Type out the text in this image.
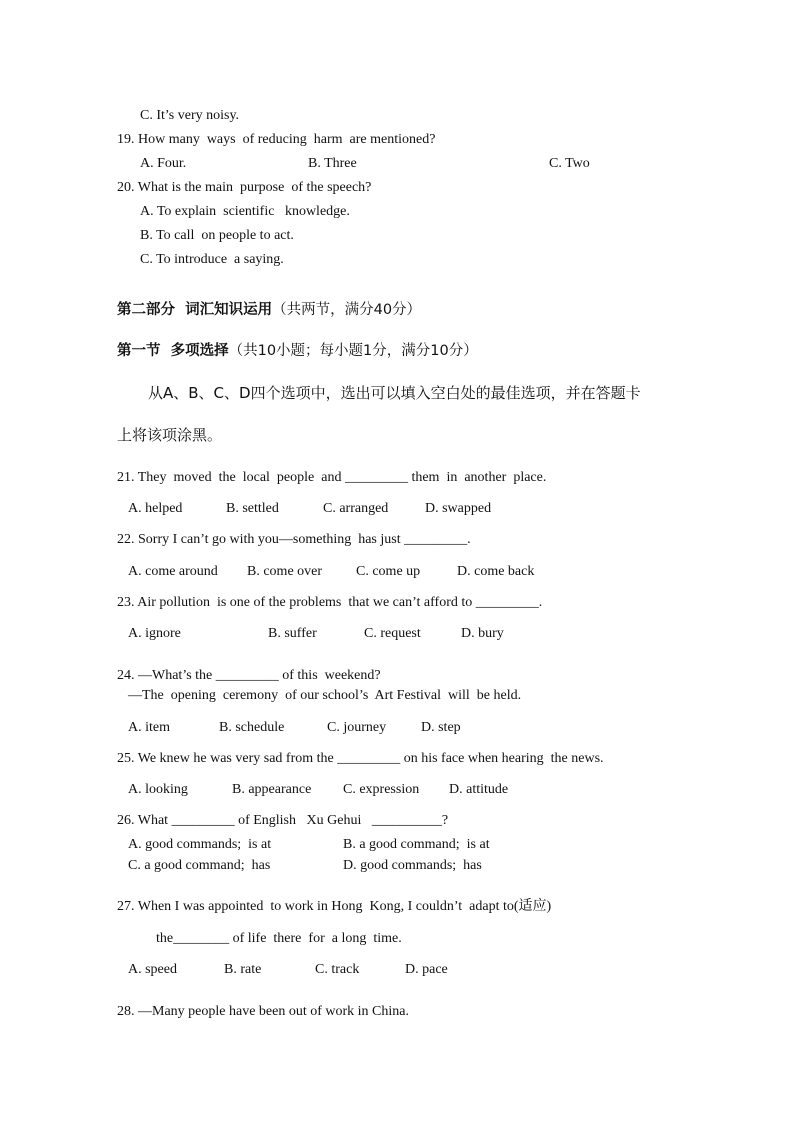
C. It’s very noisy.
19. How many  ways  of reducing  harm  are mentioned?
A. Four.	B. Three	C. Two
20. What is the main  purpose  of the speech?
A. To explain  scientific   knowledge.
B. To call  on people to act.
C. To introduce  a saying.
第二部分  词汇知识运用（共两节，满分40分）
第一节  多项选择（共10小题；每小题1分，满分10分）
从A、B、C、D四个选项中，选出可以填入空白处的最佳选项，并在答题卡
上将该项涂黑。
21. They  moved  the  local  people  and _________ them  in  another  place.
A. helped	B. settled	C. arranged	D. swapped
22. Sorry I can’t go with you—something  has just _________.
A. come around B. come over C. come up	D. come back
23. Air pollution  is one of the problems  that we can’t afford to _________.
A. ignore	B. suffer	C. request	D. bury
24. —What’s the _________ of this  weekend?
—The  opening  ceremony  of our school’s  Art Festival  will  be held.
A. item	B. schedule	C. journey D. step
25. We knew he was very sad from the _________ on his face when hearing  the news.
A. looking	B. appearance C. expression D. attitude
26. What _________ of English   Xu Gehui   __________?
A. good commands;  is at	B. a good command;  is at
C. a good command;  has	D. good commands;  has
27. When I was appointed  to work in Hong  Kong, I couldn’t  adapt to(适应)
the________ of life  there  for  a long  time.
A. speed	B. rate	C. track	D. pace
28. —Many people have been out of work in China.
